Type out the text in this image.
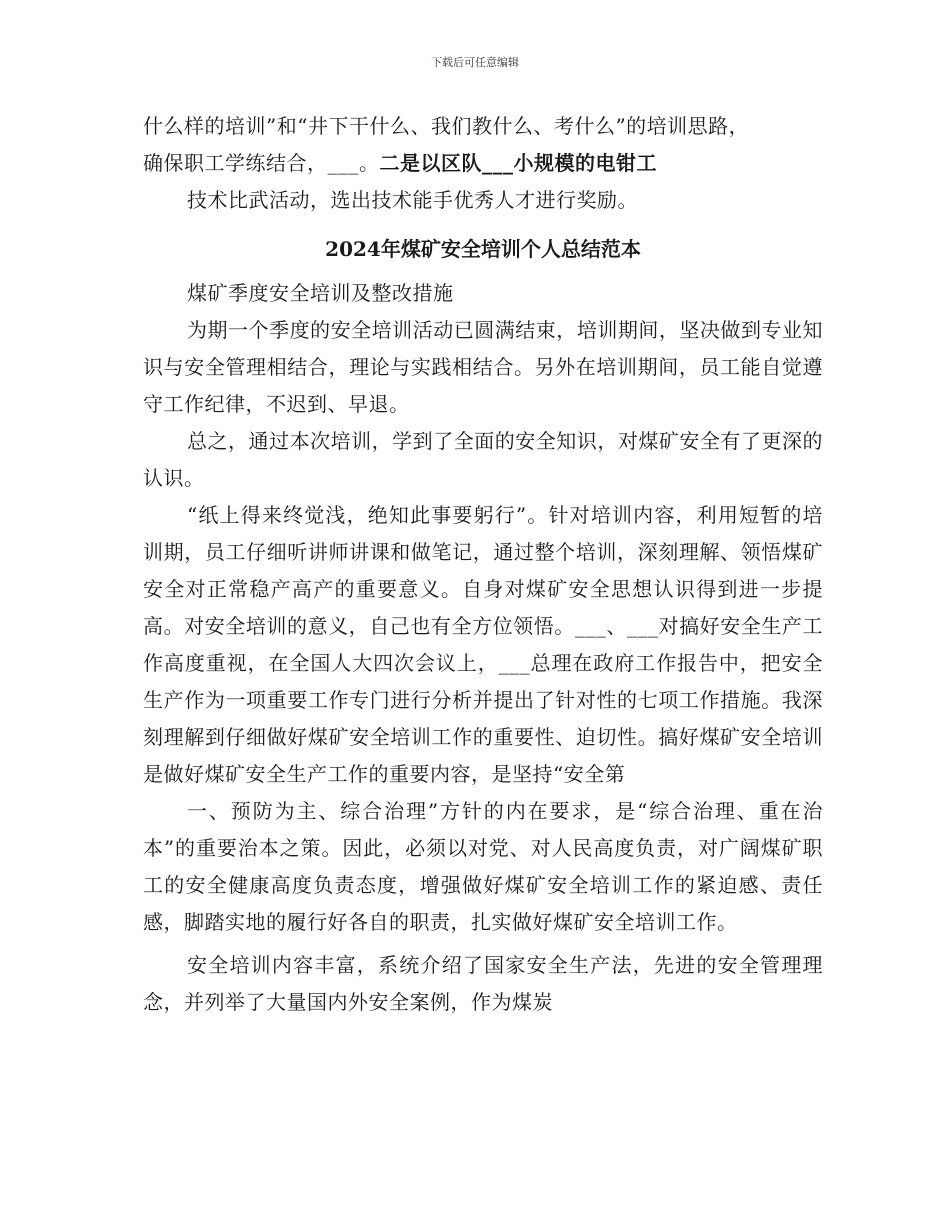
下载后可任意编辑

什么样的培训”和“井下干什么、我们教什么、考什么”的培训思路，
确保职工学练结合，___。二是以区队___小规模的电钳工

技术比武活动，选出技术能手优秀人才进行奖励。

2024年煤矿安全培训个人总结范本

煤矿季度安全培训及整改措施

为期一个季度的安全培训活动已圆满结束，培训期间，坚决做到专业知识与安全管理相结合，理论与实践相结合。另外在培训期间，员工能自觉遵守工作纪律，不迟到、早退。

总之，通过本次培训，学到了全面的安全知识，对煤矿安全有了更深的认识。

“纸上得来终觉浅，绝知此事要躬行”。针对培训内容，利用短暂的培训期，员工仔细听讲师讲课和做笔记，通过整个培训，深刻理解、领悟煤矿安全对正常稳产高产的重要意义。自身对煤矿安全思想认识得到进一步提高。对安全培训的意义，自己也有全方位领悟。___、___对搞好安全生产工作高度重视，在全国人大四次会议上，___总理在政府工作报告中，把安全生产作为一项重要工作专门进行分析并提出了针对性的七项工作措施。我深刻理解到仔细做好煤矿安全培训工作的重要性、迫切性。搞好煤矿安全培训是做好煤矿安全生产工作的重要内容，是坚持“安全第

一、预防为主、综合治理”方针的内在要求，是“综合治理、重在治本”的重要治本之策。因此，必须以对党、对人民高度负责，对广阔煤矿职工的安全健康高度负责态度，增强做好煤矿安全培训工作的紧迫感、责任感，脚踏实地的履行好各自的职责，扎实做好煤矿安全培训工作。

安全培训内容丰富，系统介绍了国家安全生产法，先进的安全管理理念，并列举了大量国内外安全案例，作为煤炭
